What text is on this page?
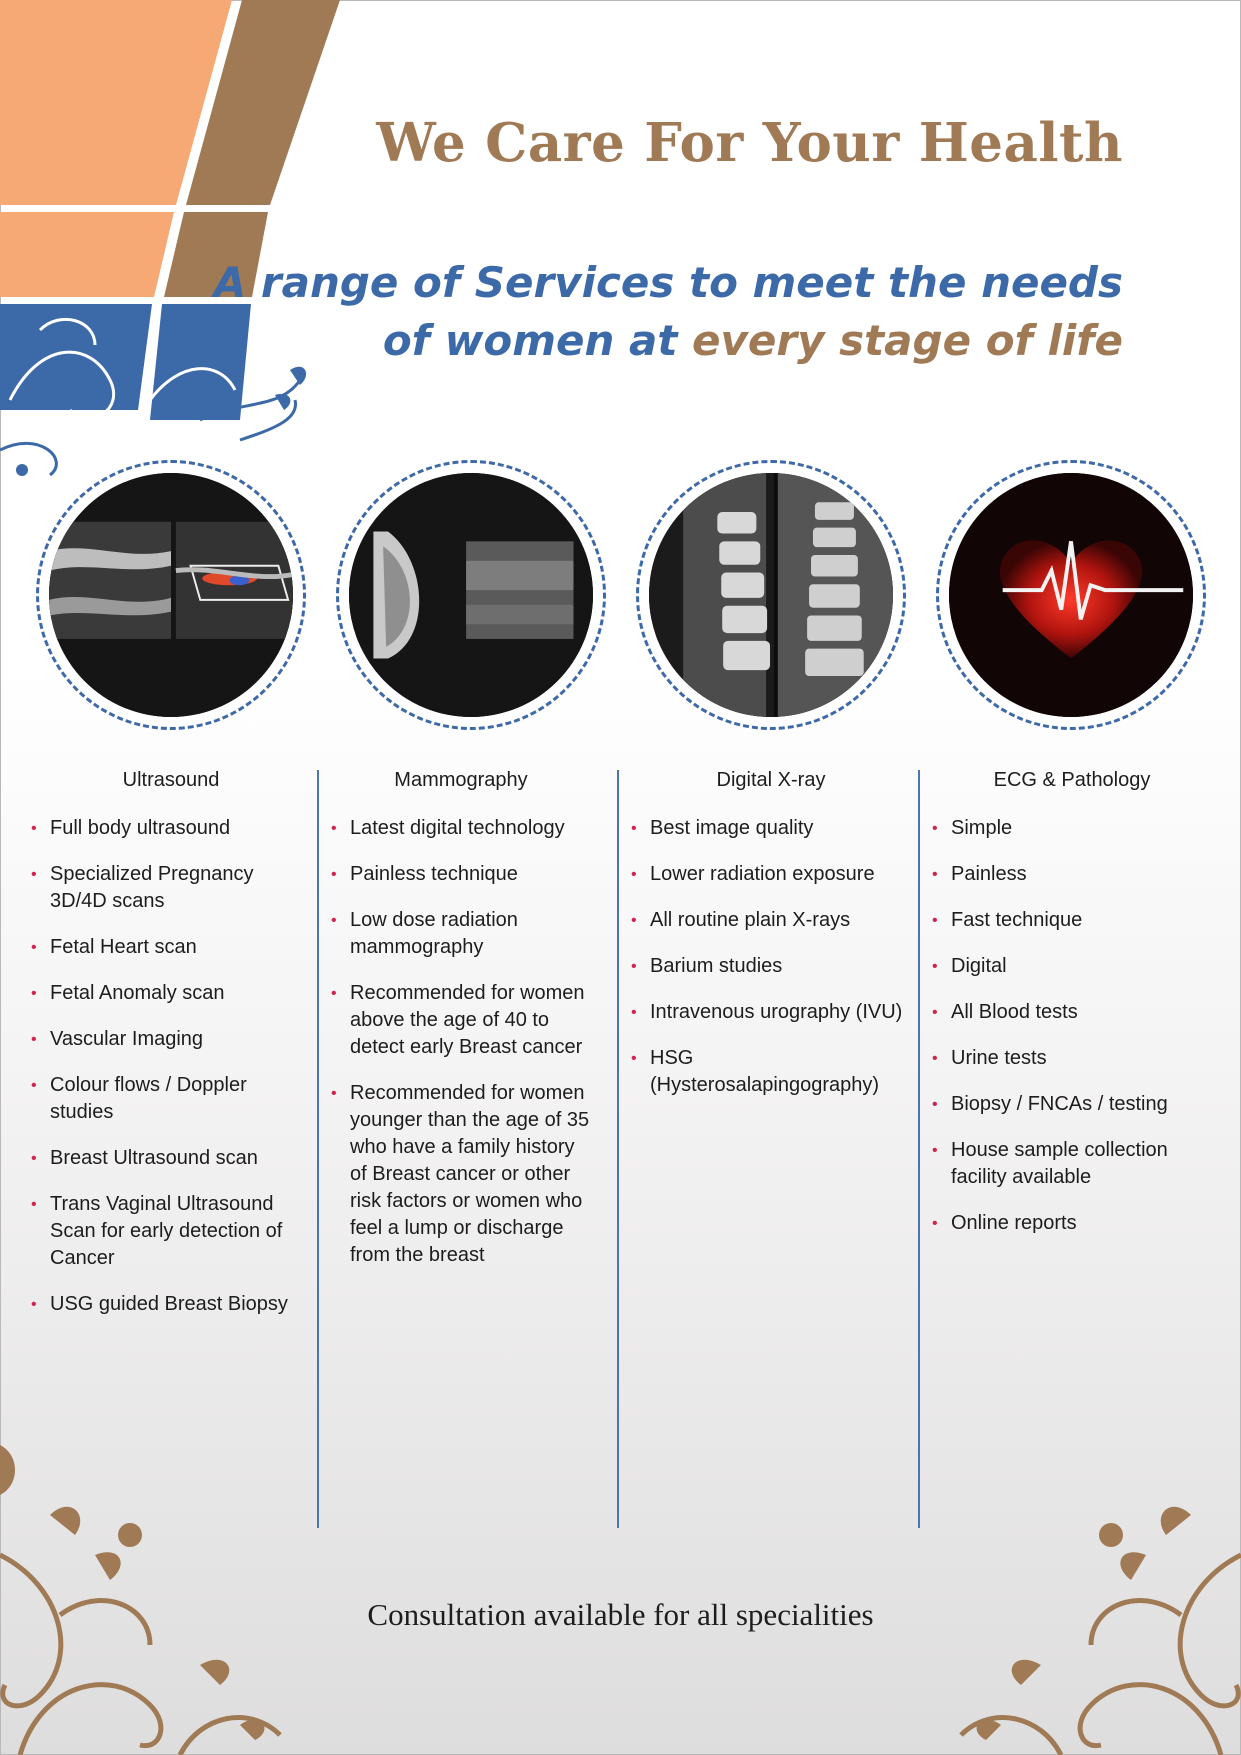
We Care For Your Health
A range of Services to meet the needs
of women at every stage of life
Ultrasound
• Full body ultrasound
• Specialized Pregnancy 3D/4D scans
• Fetal Heart scan
• Fetal Anomaly scan
• Vascular Imaging
• Colour flows / Doppler studies
• Breast Ultrasound scan
• Trans Vaginal Ultrasound Scan for early detection of Cancer
• USG guided Breast Biopsy
Mammography
• Latest digital technology
• Painless technique
• Low dose radiation mammography
• Recommended for women above the age of 40 to detect early Breast cancer
• Recommended for women younger than the age of 35 who have a family history of Breast cancer or other risk factors or women who feel a lump or discharge from the breast
Digital X-ray
• Best image quality
• Lower radiation exposure
• All routine plain X-rays
• Barium studies
• Intravenous urography (IVU)
• HSG (Hysterosalapingography)
ECG & Pathology
• Simple
• Painless
• Fast technique
• Digital
• All Blood tests
• Urine tests
• Biopsy / FNCAs / testing
• House sample collection facility available
• Online reports
Consultation available for all specialities
